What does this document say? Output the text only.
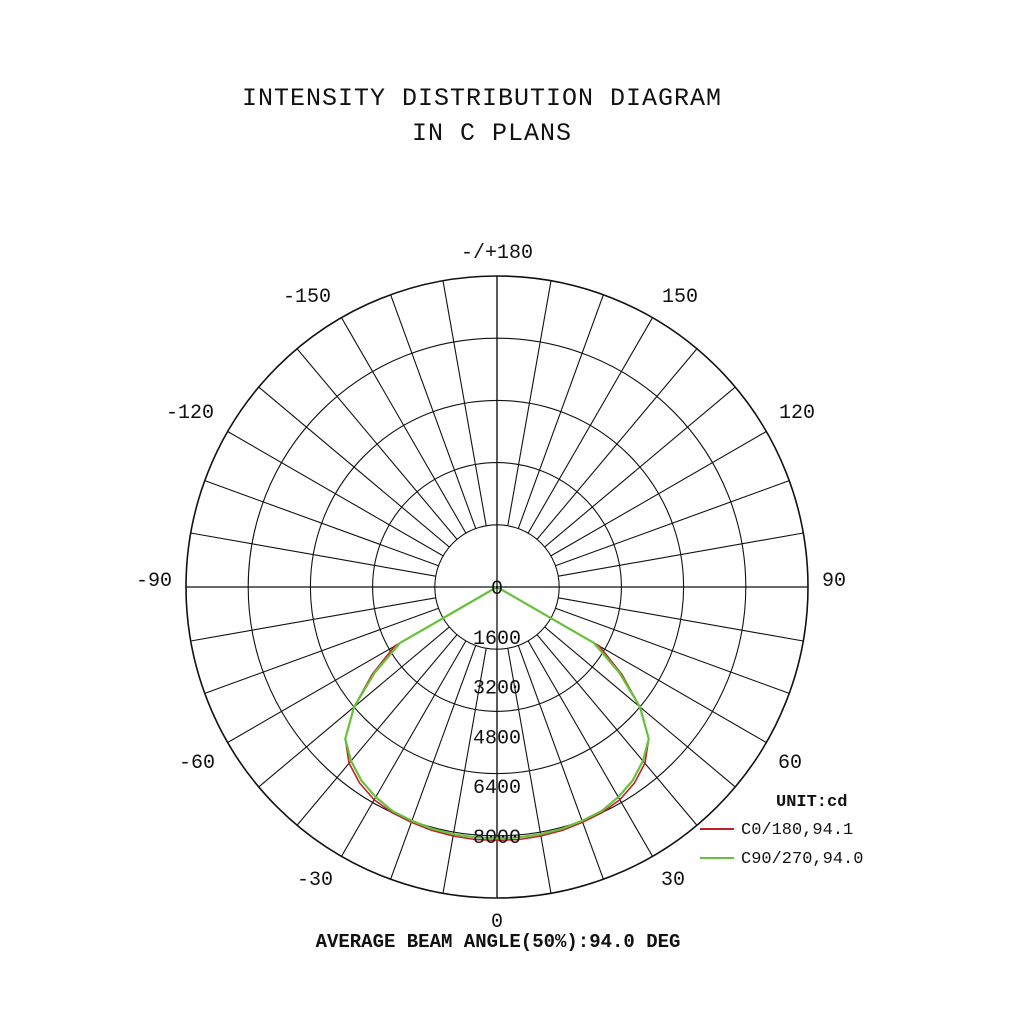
INTENSITY DISTRIBUTION DIAGRAM
IN C PLANS
-/+180
150
-150
120
-120
90
-90
60
-60
30
-30
0
0
1600
3200
4800
6400
8000
UNIT:cd
C0/180,94.1
C90/270,94.0
AVERAGE BEAM ANGLE(50%):94.0 DEG
